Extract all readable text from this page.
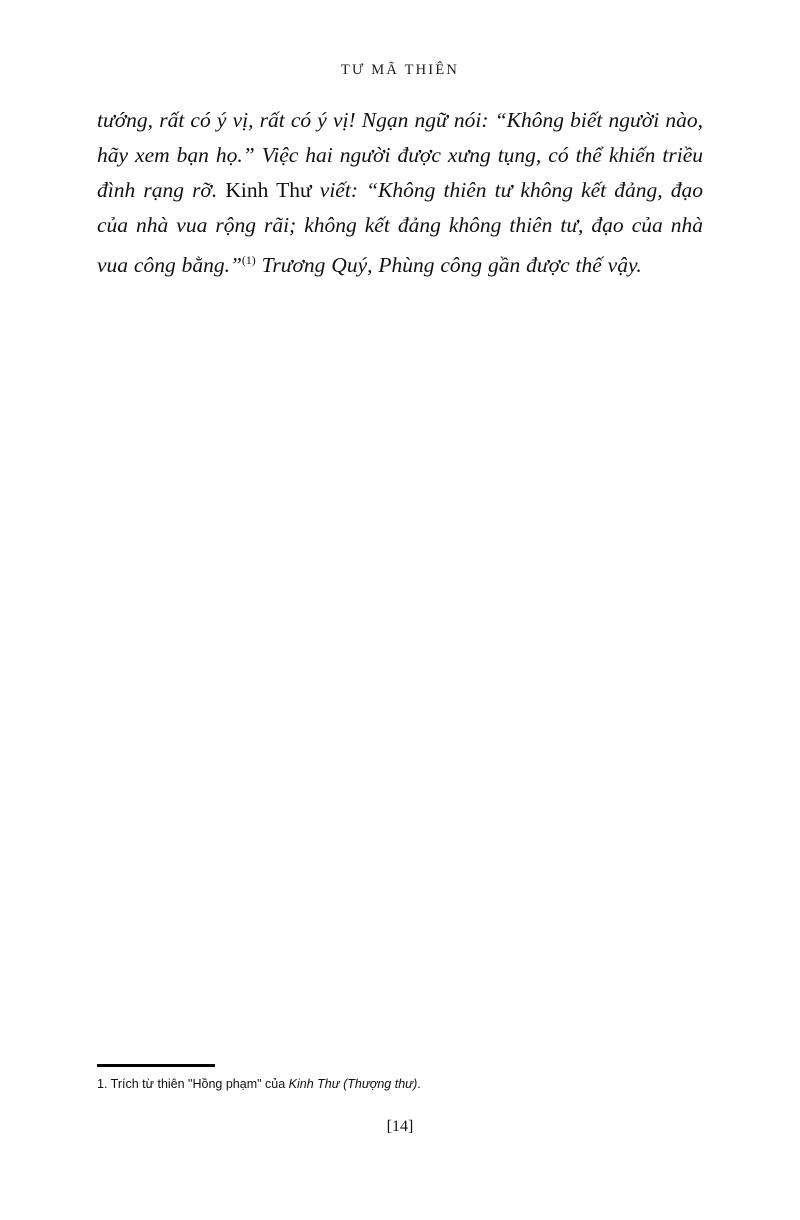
TƯ MÃ THIÊN

tướng, rất có ý vị, rất có ý vị! Ngạn ngữ nói: “Không biết người nào, hãy xem bạn họ.” Việc hai người được xưng tụng, có thể khiến triều đình rạng rỡ. Kinh Thư viết: “Không thiên tư không kết đảng, đạo của nhà vua rộng rãi; không kết đảng không thiên tư, đạo của nhà vua công bằng.”$^{(1)}$ Trương Quý, Phùng công gần được thế vậy.

1. Trích từ thiên "Hồng phạm" của Kinh Thư (Thượng thư).
[14]
